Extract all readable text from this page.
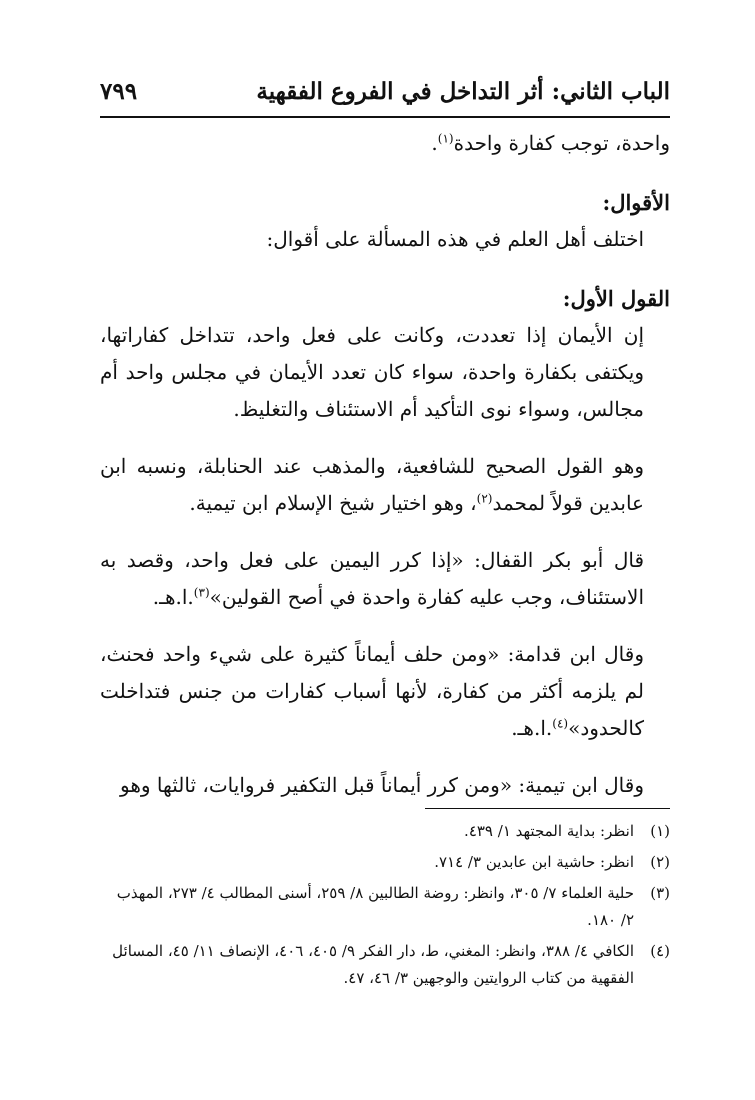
الباب الثاني: أثر التداخل في الفروع الفقهية
٧٩٩

واحدة، توجب كفارة واحدة$^{(١)}$.

الأقوال:

اختلف أهل العلم في هذه المسألة على أقوال:

القول الأول:

إن الأيمان إذا تعددت، وكانت على فعل واحد، تتداخل كفاراتها، ويكتفى بكفارة واحدة، سواء كان تعدد الأيمان في مجلس واحد أم مجالس، وسواء نوى التأكيد أم الاستئناف والتغليظ.

وهو القول الصحيح للشافعية، والمذهب عند الحنابلة، ونسبه ابن عابدين قولاً لمحمد$^{(٢)}$، وهو اختيار شيخ الإسلام ابن تيمية.

قال أبو بكر القفال: «إذا كرر اليمين على فعل واحد، وقصد به الاستئناف، وجب عليه كفارة واحدة في أصح القولين»$^{(٣)}$.ا.هـ.

وقال ابن قدامة: «ومن حلف أيماناً كثيرة على شيء واحد فحنث، لم يلزمه أكثر من كفارة، لأنها أسباب كفارات من جنس فتداخلت كالحدود»$^{(٤)}$.ا.هـ.

وقال ابن تيمية: «ومن كرر أيماناً قبل التكفير فروايات، ثالثها وهو

(١)
انظر: بداية المجتهد ١/ ٤٣٩.
(٢)
انظر: حاشية ابن عابدين ٣/ ٧١٤.
(٣)
حلية العلماء ٧/ ٣٠٥، وانظر: روضة الطالبين ٨/ ٢٥٩، أسنى المطالب ٤/ ٢٧٣، المهذب ٢/ ١٨٠.
(٤)
الكافي ٤/ ٣٨٨، وانظر: المغني، ط، دار الفكر ٩/ ٤٠٥، ٤٠٦، الإنصاف ١١/ ٤٥، المسائل الفقهية من كتاب الروايتين والوجهين ٣/ ٤٦، ٤٧.
